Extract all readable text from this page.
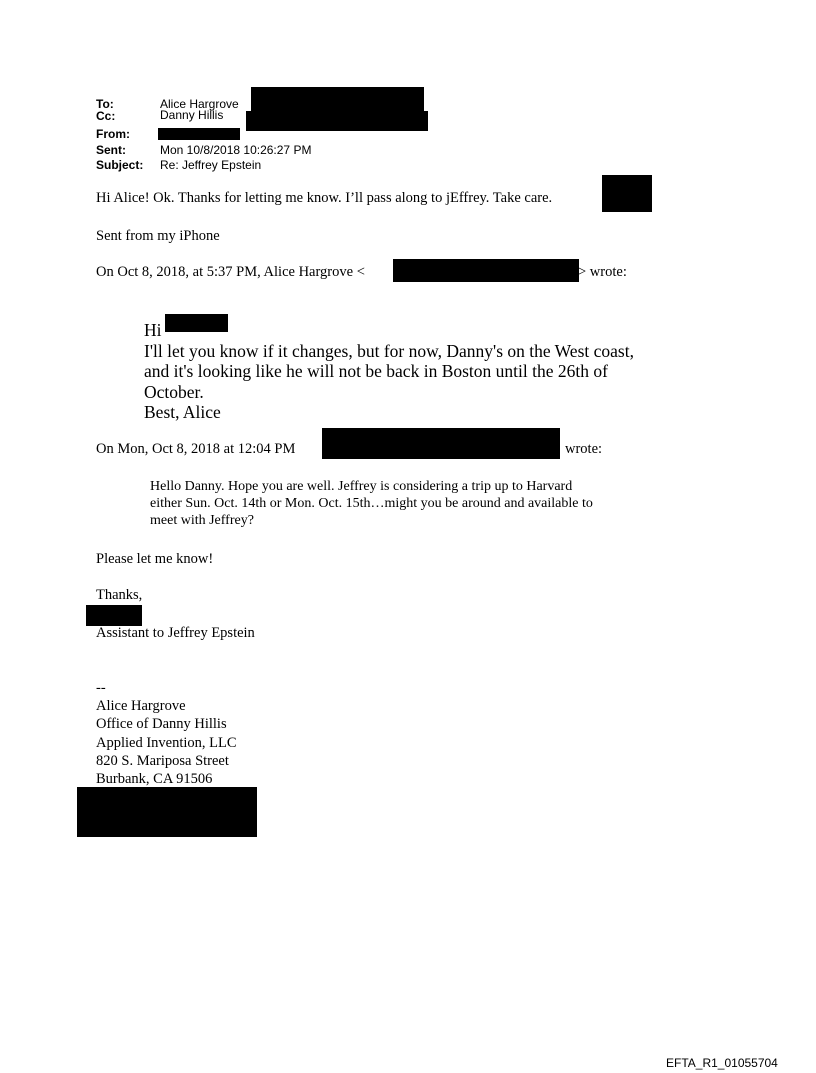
To:	Alice Hargrove
Cc:	Danny Hillis
From:
Sent:	Mon 10/8/2018 10:26:27 PM
Subject: Re: Jeffrey Epstein
Hi Alice! Ok. Thanks for letting me know. I’ll pass along to jEffrey. Take care.
Sent from my iPhone
On Oct 8, 2018, at 5:37 PM, Alice Hargrove <	> wrote:
Hi
I'll let you know if it changes, but for now, Danny's on the West coast,
and it's looking like he will not be back in Boston until the 26th of
October.
Best, Alice
On Mon, Oct 8, 2018 at 12:04 PM	wrote:
Hello Danny. Hope you are well. Jeffrey is considering a trip up to Harvard
either Sun. Oct. 14th or Mon. Oct. 15th…might you be around and available to
meet with Jeffrey?
Please let me know!
Thanks,
Assistant to Jeffrey Epstein
--
Alice Hargrove
Office of Danny Hillis
Applied Invention, LLC
820 S. Mariposa Street
Burbank, CA 91506
EFTA_R1_01055704
